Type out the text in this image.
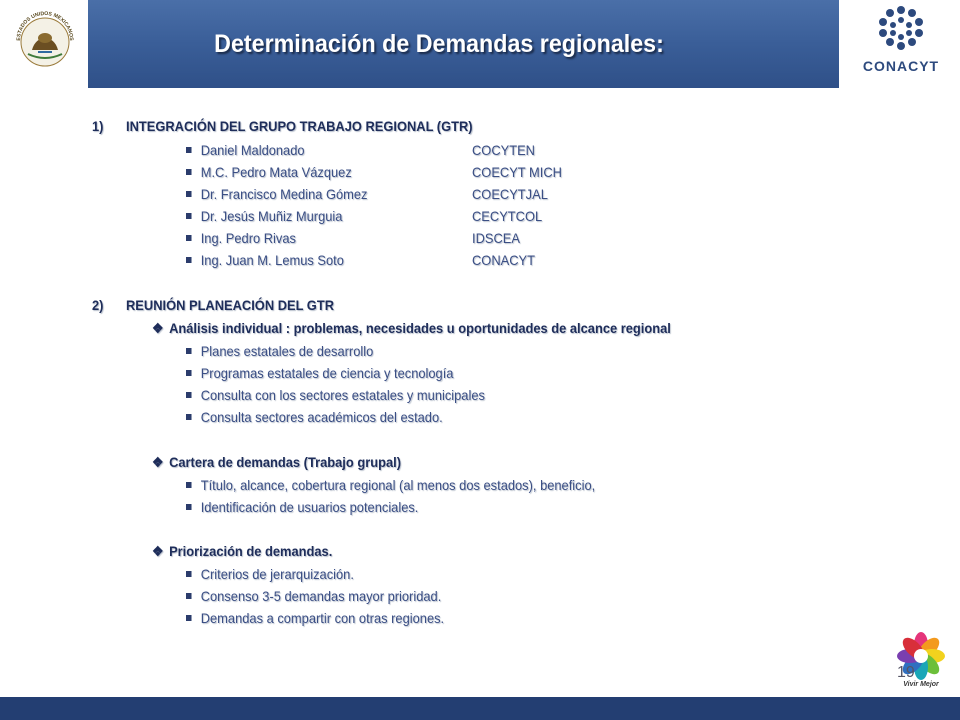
ESTADOS UNIDOS MEXICANOS	Determinación de Demandas regionales:
CONACYT
1) INTEGRACIÓN DEL GRUPO TRABAJO REGIONAL (GTR)
Daniel Maldonado	COCYTEN
M.C. Pedro Mata Vázquez	COECYT MICH
Dr. Francisco Medina Gómez	COECYTJAL
Dr. Jesús Muñiz Murguia	CECYTCOL
Ing. Pedro Rivas	IDSCEA
Ing. Juan M. Lemus Soto	CONACYT
2) REUNIÓN PLANEACIÓN DEL GTR
❖ Análisis individual : problemas, necesidades u oportunidades de alcance regional
Planes estatales de desarrollo
Programas estatales de ciencia y tecnología
Consulta con los sectores estatales y municipales
Consulta sectores académicos del estado.
❖ Cartera de demandas (Trabajo grupal)
Título, alcance, cobertura regional (al menos dos estados), beneficio,
Identificación de usuarios potenciales.
❖ Priorización de demandas.
Criterios de jerarquización.
Consenso 3-5 demandas mayor prioridad.
Demandas a compartir con otras regiones.
Vivir Mejor
19
